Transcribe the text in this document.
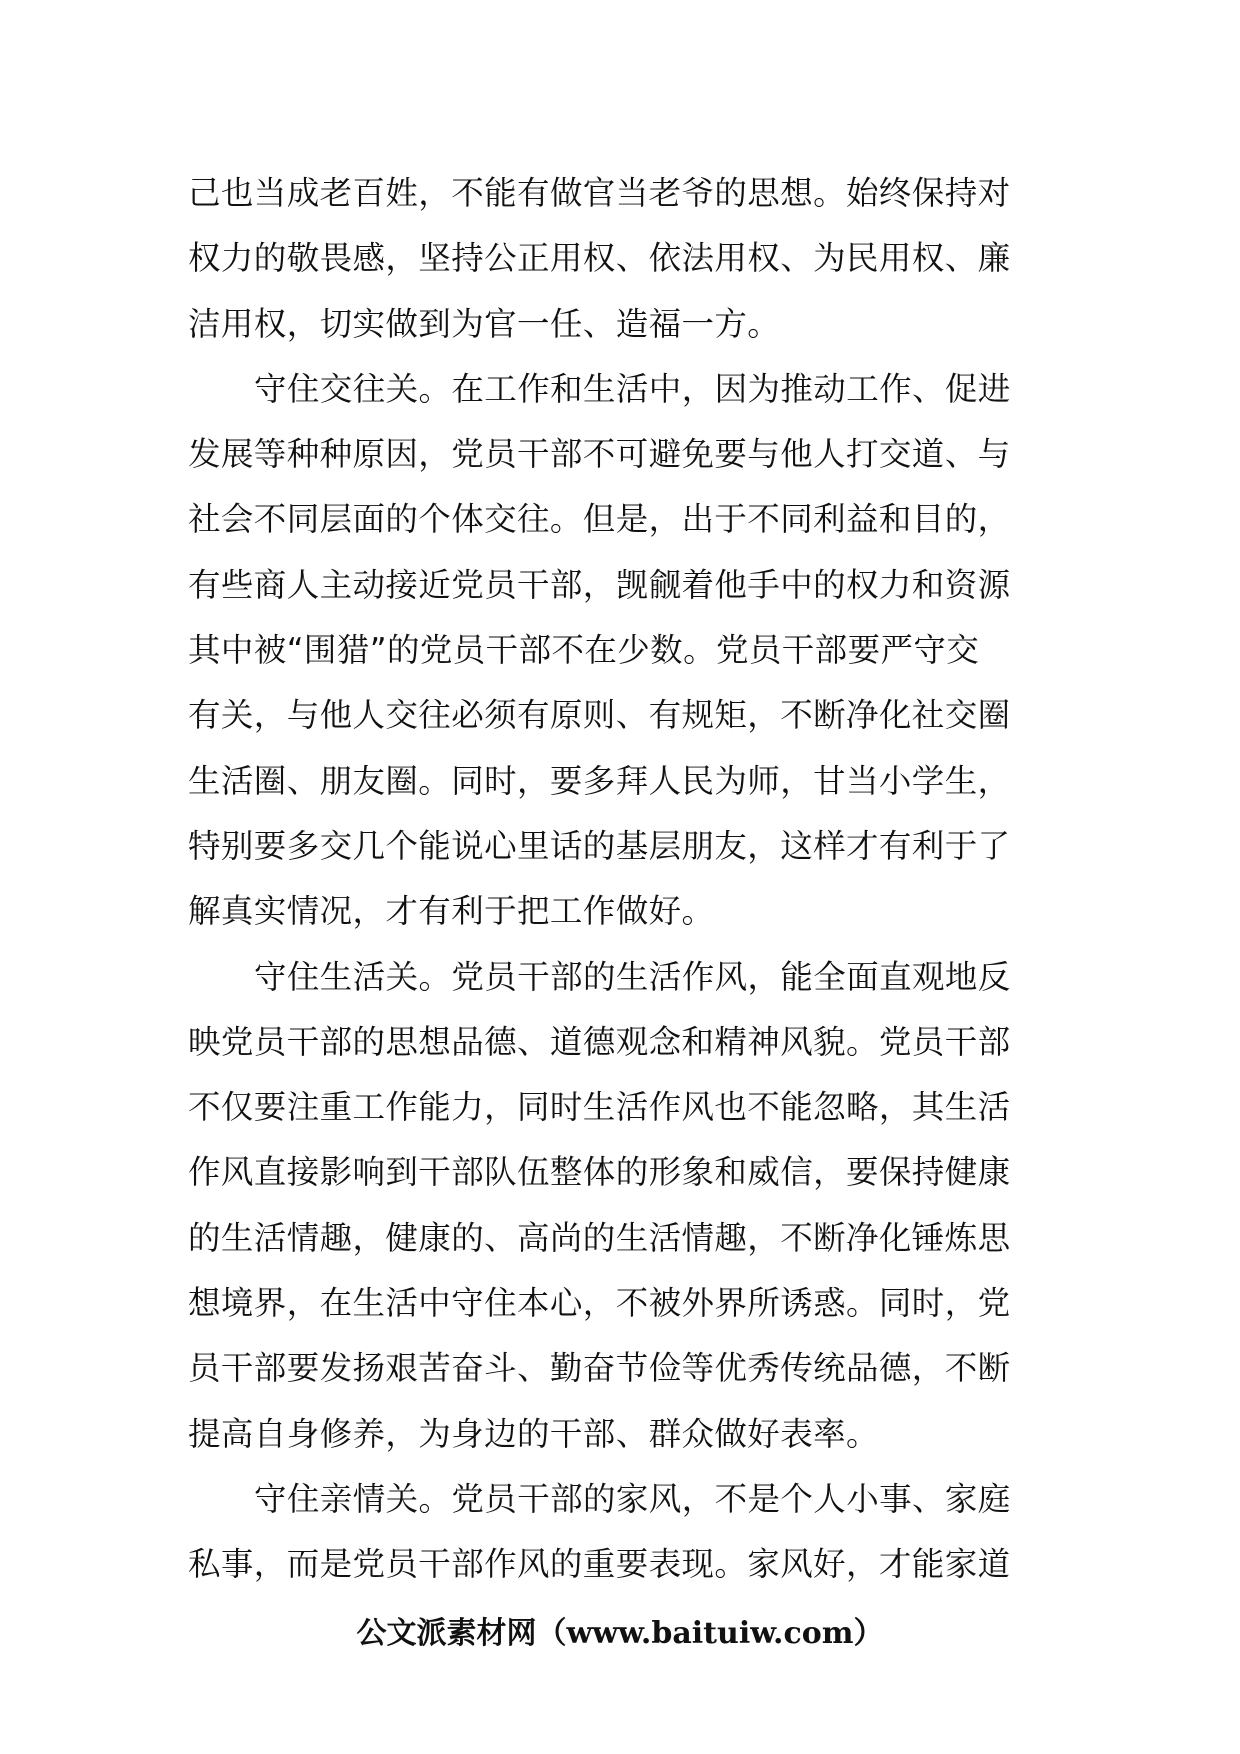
己也当成老百姓，不能有做官当老爷的思想。始终保持对
权力的敬畏感，坚持公正用权、依法用权、为民用权、廉
洁用权，切实做到为官一任、造福一方。
守住交往关。在工作和生活中，因为推动工作、促进
发展等种种原因，党员干部不可避免要与他人打交道、与
社会不同层面的个体交往。但是，出于不同利益和目的，
有些商人主动接近党员干部，觊觎着他手中的权力和资源
其中被“围猎”的党员干部不在少数。党员干部要严守交
有关，与他人交往必须有原则、有规矩，不断净化社交圈
生活圈、朋友圈。同时，要多拜人民为师，甘当小学生，
特别要多交几个能说心里话的基层朋友，这样才有利于了
解真实情况，才有利于把工作做好。
守住生活关。党员干部的生活作风，能全面直观地反
映党员干部的思想品德、道德观念和精神风貌。党员干部
不仅要注重工作能力，同时生活作风也不能忽略，其生活
作风直接影响到干部队伍整体的形象和威信，要保持健康
的生活情趣，健康的、高尚的生活情趣，不断净化锤炼思
想境界，在生活中守住本心，不被外界所诱惑。同时，党
员干部要发扬艰苦奋斗、勤奋节俭等优秀传统品德，不断
提高自身修养，为身边的干部、群众做好表率。
守住亲情关。党员干部的家风，不是个人小事、家庭
私事，而是党员干部作风的重要表现。家风好，才能家道
公文派素材网（www.baituiw.com）
